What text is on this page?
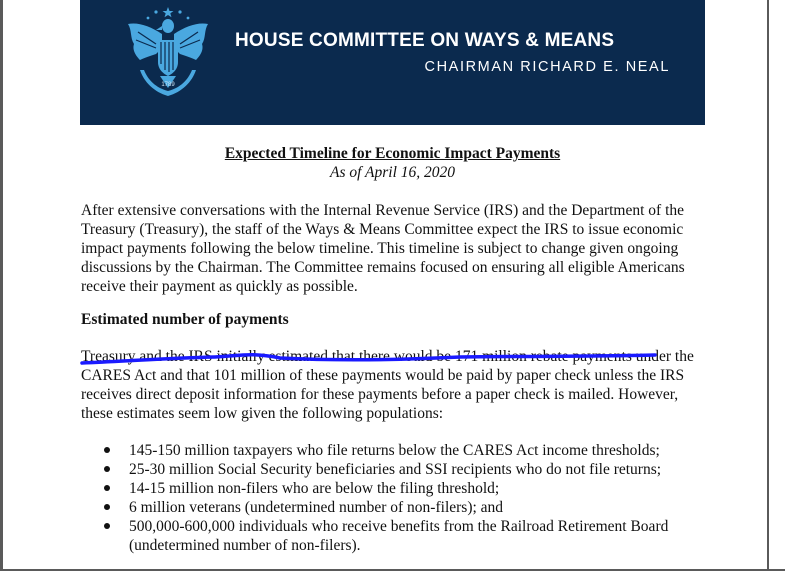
1789
HOUSE COMMITTEE ON WAYS & MEANS
CHAIRMAN RICHARD E. NEAL
Expected Timeline for Economic Impact Payments
As of April 16, 2020

After extensive conversations with the Internal Revenue Service (IRS) and the Department of the Treasury (Treasury), the staff of the Ways & Means Committee expect the IRS to issue economic impact payments following the below timeline. This timeline is subject to change given ongoing discussions by the Chairman. The Committee remains focused on ensuring all eligible Americans receive their payment as quickly as possible.

Estimated number of payments

Treasury and the IRS initially estimated that there would be 171 million rebate payments under the CARES Act and that 101 million of these payments would be paid by paper check unless the IRS receives direct deposit information for these payments before a paper check is mailed. However, these estimates seem low given the following populations:

145-150 million taxpayers who file returns below the CARES Act income thresholds;
25-30 million Social Security beneficiaries and SSI recipients who do not file returns;
14-15 million non-filers who are below the filing threshold;
6 million veterans (undetermined number of non-filers); and
500,000-600,000 individuals who receive benefits from the Railroad Retirement Board (undetermined number of non-filers).
